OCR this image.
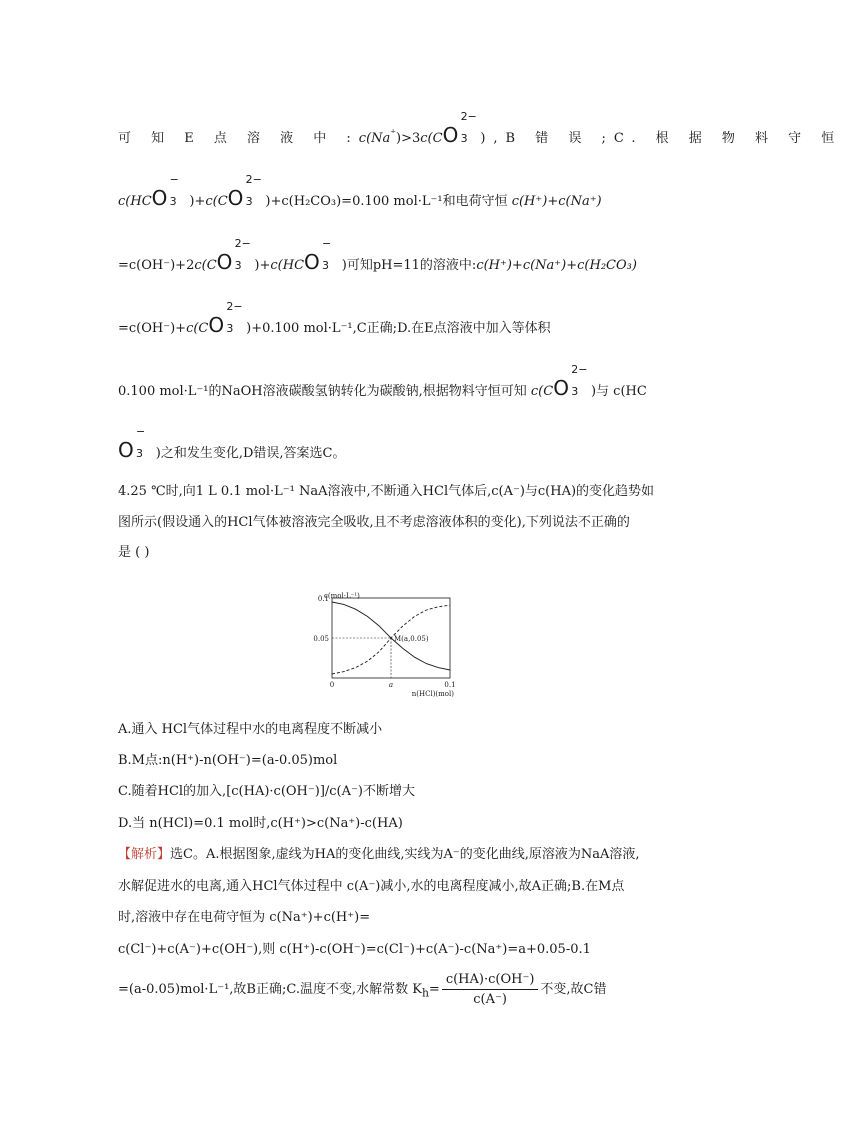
可 知 E 点 溶 液 中 :c(Na⁺)>3c(CO
2−
3 ),B 错 误 ;C. 根 据 物 料 守 恒
c(HCO
−
3 )+c(CO
2−
3 )+c(H₂CO₃)=0.100 mol·L⁻¹和电荷守恒 c(H⁺)+c(Na⁺)
=c(OH⁻)+2c(CO
2−
3 )+c(HCO
−
3 )可知pH=11的溶液中:c(H⁺)+c(Na⁺)+c(H₂CO₃)
=c(OH⁻)+c(CO
2−
3 )+0.100 mol·L⁻¹,C正确;D.在E点溶液中加入等体积
0.100 mol·L⁻¹的NaOH溶液碳酸氢钠转化为碳酸钠,根据物料守恒可知 c(CO
2−
3 )与 c(HC
O
−
3 )之和发生变化,D错误,答案选C。
4.25 ℃时,向1 L 0.1 mol·L⁻¹ NaA溶液中,不断通入HCl气体后,c(A⁻)与c(HA)的变化趋势如
图所示(假设通入的HCl气体被溶液完全吸收,且不考虑溶液体积的变化),下列说法不正确的
是 ( )
c(mol·L⁻¹)
n(HCl)(mol)
0.1
0.05
0	a	0.1
M(a,0.05)
A.通入 HCl气体过程中水的电离程度不断减小
B.M点:n(H⁺)-n(OH⁻)=(a-0.05)mol
C.随着HCl的加入,[c(HA)·c(OH⁻)]/c(A⁻)不断增大
D.当 n(HCl)=0.1 mol时,c(H⁺)>c(Na⁺)-c(HA)
【解析】选C。A.根据图象,虚线为HA的变化曲线,实线为A⁻的变化曲线,原溶液为NaA溶液,
水解促进水的电离,通入HCl气体过程中 c(A⁻)减小,水的电离程度减小,故A正确;B.在M点
时,溶液中存在电荷守恒为 c(Na⁺)+c(H⁺)=
c(Cl⁻)+c(A⁻)+c(OH⁻),则 c(H⁺)-c(OH⁻)=c(Cl⁻)+c(A⁻)-c(Na⁺)=a+0.05-0.1
=(a-0.05)mol·L⁻¹,故B正确;C.温度不变,水解常数 $K_h= \frac{c(HA)\cdot c(OH^-)}{c(A^-)}$ 不变,故C错
